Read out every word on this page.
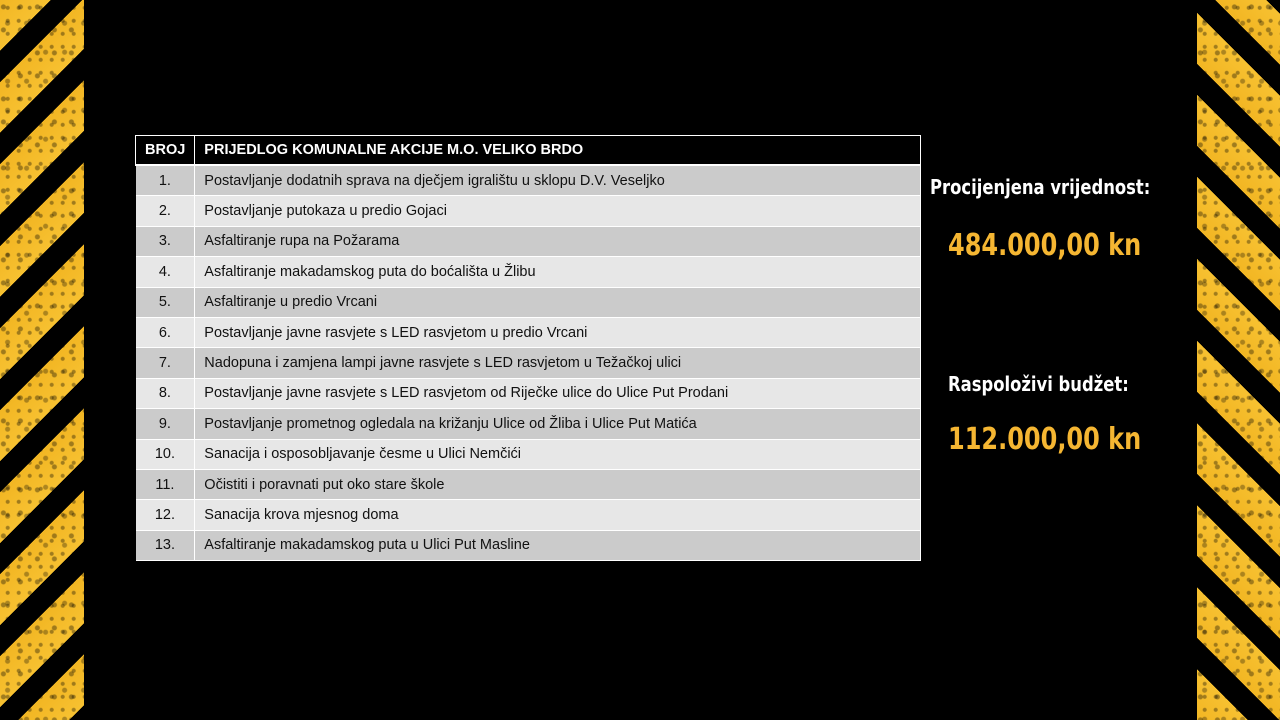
BROJ	PRIJEDLOG KOMUNALNE AKCIJE M.O. VELIKO BRDO
1.	Postavljanje dodatnih sprava na dječjem igralištu u sklopu D.V. Veseljko
2.	Postavljanje putokaza u predio Gojaci
3.	Asfaltiranje rupa na Požarama
4.	Asfaltiranje makadamskog puta do boćališta u Žlibu
5.	Asfaltiranje u predio Vrcani
6.	Postavljanje javne rasvjete s LED rasvjetom u predio Vrcani
7.	Nadopuna i zamjena lampi javne rasvjete s LED rasvjetom u Težačkoj ulici
8.	Postavljanje javne rasvjete s LED rasvjetom od Riječke ulice do Ulice Put Prodani
9.	Postavljanje prometnog ogledala na križanju Ulice od Žliba i Ulice Put Matića
10.	Sanacija i osposobljavanje česme u Ulici Nemčići
11.	Očistiti i poravnati put oko stare škole
12.	Sanacija krova mjesnog doma
13.	Asfaltiranje makadamskog puta u Ulici Put Masline
Procijenjena vrijednost:
484.000,00 kn
Raspoloživi budžet:
112.000,00 kn
